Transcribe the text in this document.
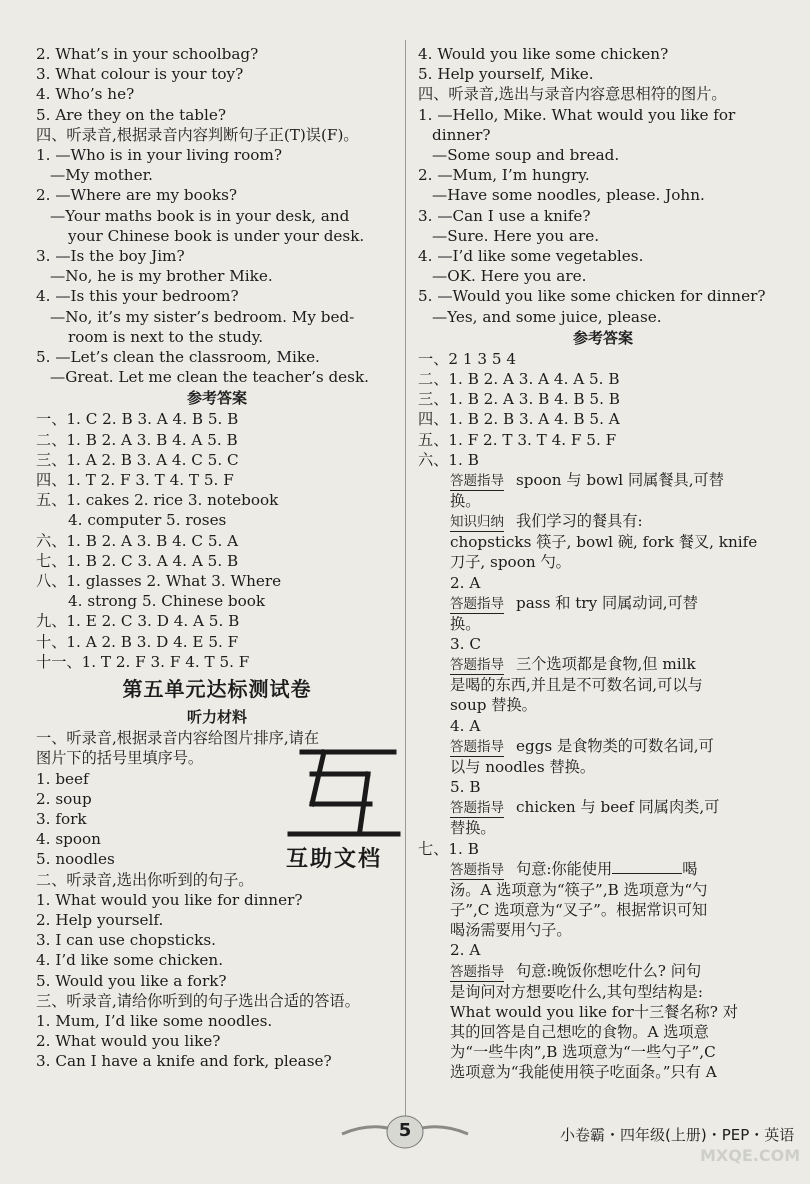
2. What’s in your schoolbag?
3. What colour is your toy?
4. Who’s he?
5. Are they on the table?
四、听录音,根据录音内容判断句子正(T)误(F)。
1. —Who is in your living room?
—My mother.
2. —Where are my books?
—Your maths book is in your desk, and
your Chinese book is under your desk.
3. —Is the boy Jim?
—No, he is my brother Mike.
4. —Is this your bedroom?
—No, it’s my sister’s bedroom. My bed-
room is next to the study.
5. —Let’s clean the classroom, Mike.
—Great. Let me clean the teacher’s desk.
参考答案
一、1. C 2. B 3. A 4. B 5. B
二、1. B 2. A 3. B 4. A 5. B
三、1. A 2. B 3. A 4. C 5. C
四、1. T 2. F 3. T 4. T 5. F
五、1. cakes 2. rice 3. notebook
4. computer 5. roses
六、1. B 2. A 3. B 4. C 5. A
七、1. B 2. C 3. A 4. A 5. B
八、1. glasses 2. What 3. Where
4. strong 5. Chinese book
九、1. E 2. C 3. D 4. A 5. B
十、1. A 2. B 3. D 4. E 5. F
十一、1. T 2. F 3. F 4. T 5. F
第五单元达标测试卷
听力材料
一、听录音,根据录音内容给图片排序,请在
图片下的括号里填序号。
1. beef
2. soup
3. fork
4. spoon
5. noodles
二、听录音,选出你听到的句子。
1. What would you like for dinner?
2. Help yourself.
3. I can use chopsticks.
4. I’d like some chicken.
5. Would you like a fork?
三、听录音,请给你听到的句子选出合适的答语。
1. Mum, I’d like some noodles.
2. What would you like?
3. Can I have a knife and fork, please?
互助文档
4. Would you like some chicken?
5. Help yourself, Mike.
四、听录音,选出与录音内容意思相符的图片。
1. —Hello, Mike. What would you like for
dinner?
—Some soup and bread.
2. —Mum, I’m hungry.
—Have some noodles, please. John.
3. —Can I use a knife?
—Sure. Here you are.
4. —I’d like some vegetables.
—OK. Here you are.
5. —Would you like some chicken for dinner?
—Yes, and some juice, please.
参考答案
一、2 1 3 5 4
二、1. B 2. A 3. A 4. A 5. B
三、1. B 2. A 3. B 4. B 5. B
四、1. B 2. B 3. A 4. B 5. A
五、1. F 2. T 3. T 4. F 5. F
六、1. B
答题指导 spoon 与 bowl 同属餐具,可替
换。
知识归纳 我们学习的餐具有:
chopsticks 筷子, bowl 碗, fork 餐叉, knife
刀子, spoon 勺。
2. A
答题指导 pass 和 try 同属动词,可替
换。
3. C
答题指导 三个选项都是食物,但 milk
是喝的东西,并且是不可数名词,可以与
soup 替换。
4. A
答题指导 eggs 是食物类的可数名词,可
以与 noodles 替换。
5. B
答题指导 chicken 与 beef 同属肉类,可
替换。
七、1. B
答题指导 句意:你能使用	喝
汤。A 选项意为“筷子”,B 选项意为“勺
子”,C 选项意为“叉子”。根据常识可知
喝汤需要用勺子。
2. A
答题指导 句意:晚饭你想吃什么? 问句
是询问对方想要吃什么,其句型结构是:
What would you like for十三餐名称? 对
其的回答是自己想吃的食物。A 选项意
为“一些牛肉”,B 选项意为“一些勺子”,C
选项意为“我能使用筷子吃面条。”只有 A
5	小卷霸・四年级(上册)・PEP・英语
MXQE.COM
